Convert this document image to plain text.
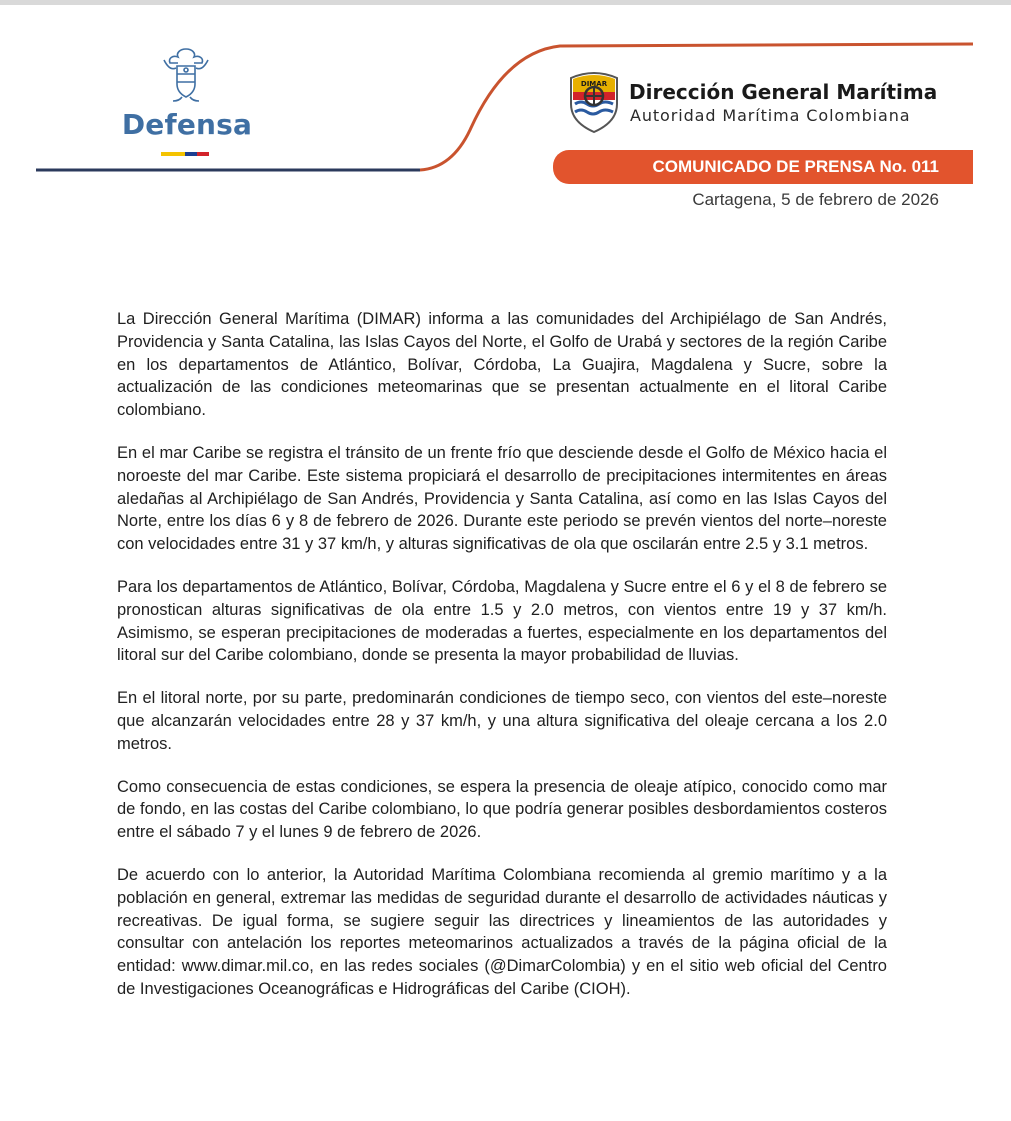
Defensa
DIMAR Dirección General Marítima
Autoridad Marítima Colombiana
COMUNICADO DE PRENSA No. 011
Cartagena, 5 de febrero de 2026

La Dirección General Marítima (DIMAR) informa a las comunidades del Archipiélago de San Andrés, Providencia y Santa Catalina, las Islas Cayos del Norte, el Golfo de Urabá y sectores de la región Caribe en los departamentos de Atlántico, Bolívar, Córdoba, La Guajira, Magdalena y Sucre, sobre la actualización de las condiciones meteomarinas que se presentan actualmente en el litoral Caribe colombiano.

En el mar Caribe se registra el tránsito de un frente frío que desciende desde el Golfo de México hacia el noroeste del mar Caribe. Este sistema propiciará el desarrollo de precipitaciones intermitentes en áreas aledañas al Archipiélago de San Andrés, Providencia y Santa Catalina, así como en las Islas Cayos del Norte, entre los días 6 y 8 de febrero de 2026. Durante este periodo se prevén vientos del norte–noreste con velocidades entre 31 y 37 km/h, y alturas significativas de ola que oscilarán entre 2.5 y 3.1 metros.

Para los departamentos de Atlántico, Bolívar, Córdoba, Magdalena y Sucre entre el 6 y el 8 de febrero se pronostican alturas significativas de ola entre 1.5 y 2.0 metros, con vientos entre 19 y 37 km/h. Asimismo, se esperan precipitaciones de moderadas a fuertes, especialmente en los departamentos del litoral sur del Caribe colombiano, donde se presenta la mayor probabilidad de lluvias.

En el litoral norte, por su parte, predominarán condiciones de tiempo seco, con vientos del este–noreste que alcanzarán velocidades entre 28 y 37 km/h, y una altura significativa del oleaje cercana a los 2.0 metros.

Como consecuencia de estas condiciones, se espera la presencia de oleaje atípico, conocido como mar de fondo, en las costas del Caribe colombiano, lo que podría generar posibles desbordamientos costeros entre el sábado 7 y el lunes 9 de febrero de 2026.

De acuerdo con lo anterior, la Autoridad Marítima Colombiana recomienda al gremio marítimo y a la población en general, extremar las medidas de seguridad durante el desarrollo de actividades náuticas y recreativas. De igual forma, se sugiere seguir las directrices y lineamientos de las autoridades y consultar con antelación los reportes meteomarinos actualizados a través de la página oficial de la entidad: www.dimar.mil.co, en las redes sociales (@DimarColombia) y en el sitio web oficial del Centro de Investigaciones Oceanográficas e Hidrográficas del Caribe (CIOH).
